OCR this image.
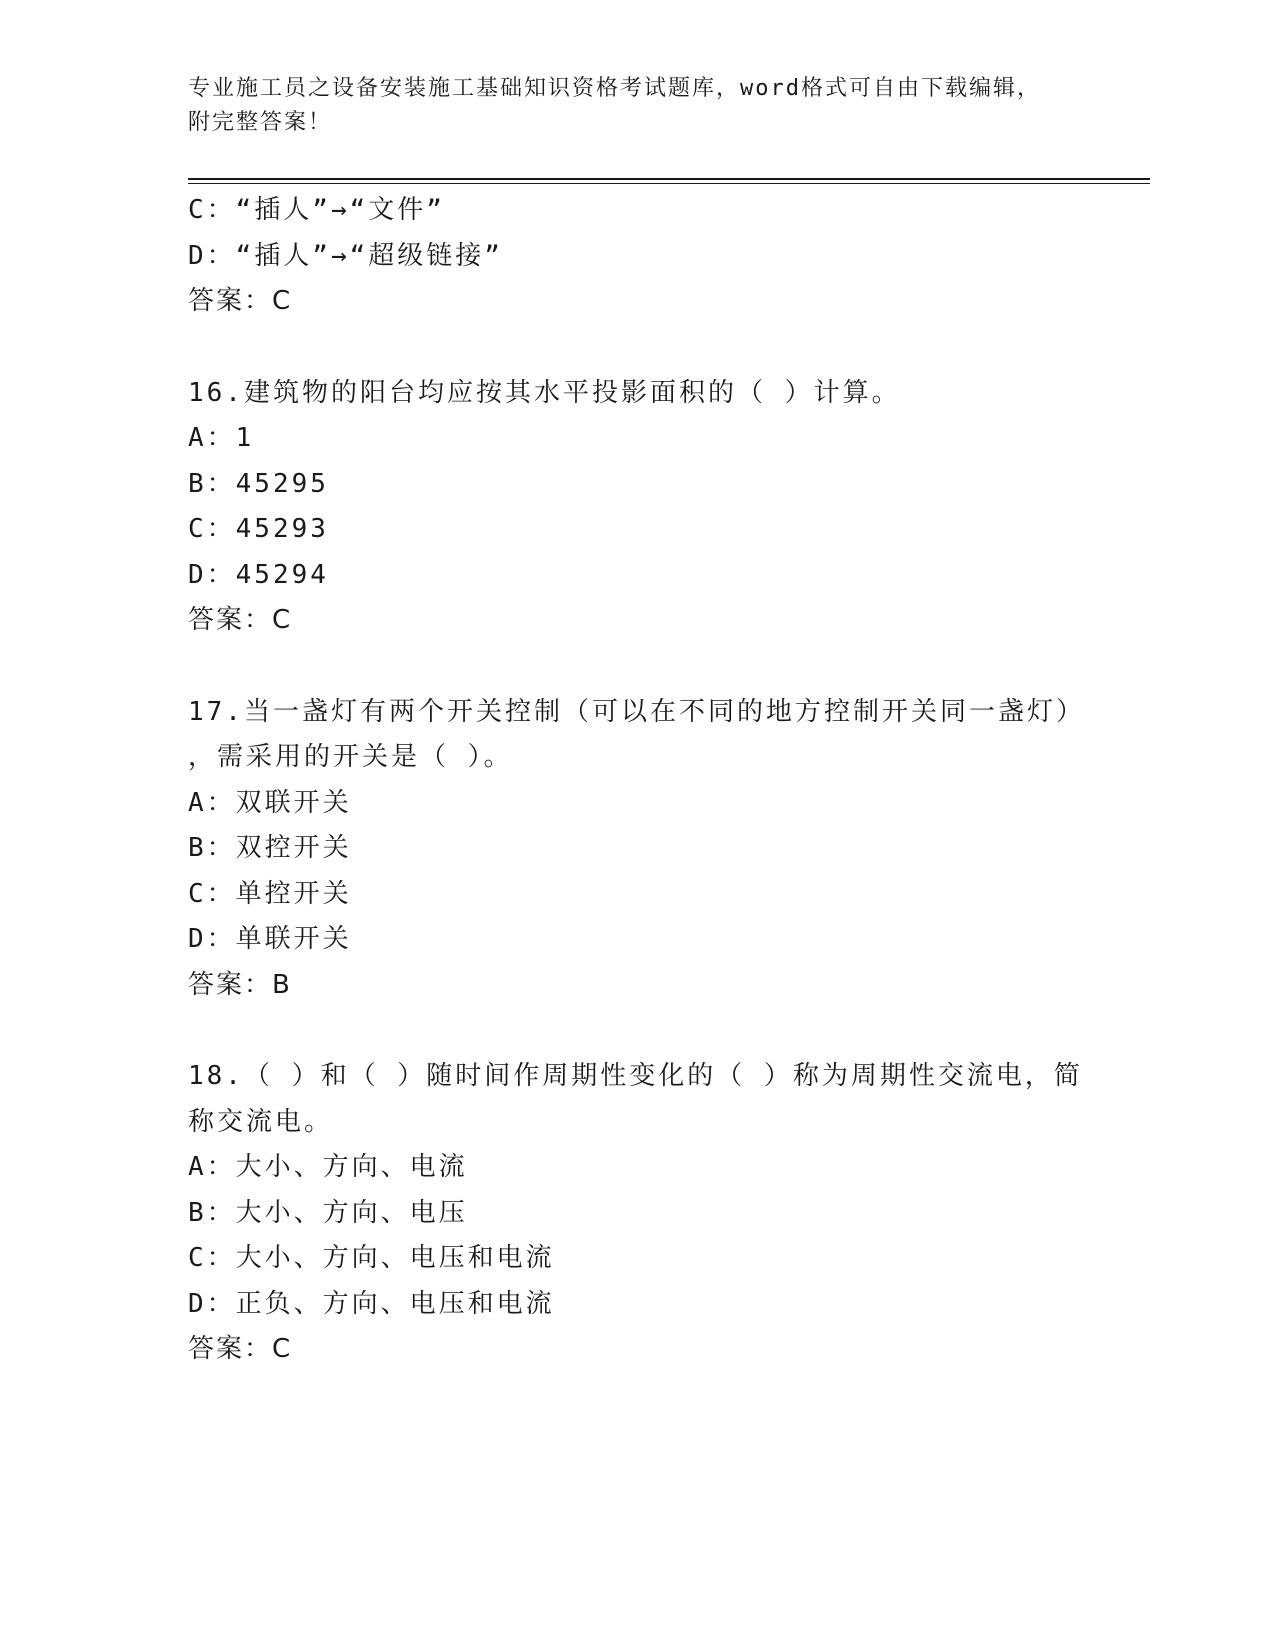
专业施工员之设备安装施工基础知识资格考试题库，word格式可自由下载编辑，
附完整答案！
C：“插人”→“文件”
D：“插人”→“超级链接”
答案：C
16.建筑物的阳台均应按其水平投影面积的（ ）计算。
A：1
B：45295
C：45293
D：45294
答案：C
17.当一盏灯有两个开关控制（可以在不同的地方控制开关同一盏灯）
，需采用的开关是（ ）。
A：双联开关
B：双控开关
C：单控开关
D：单联开关
答案：B
18.（ ）和（ ）随时间作周期性变化的（ ）称为周期性交流电，简
称交流电。
A：大小、方向、电流
B：大小、方向、电压
C：大小、方向、电压和电流
D：正负、方向、电压和电流
答案：C
